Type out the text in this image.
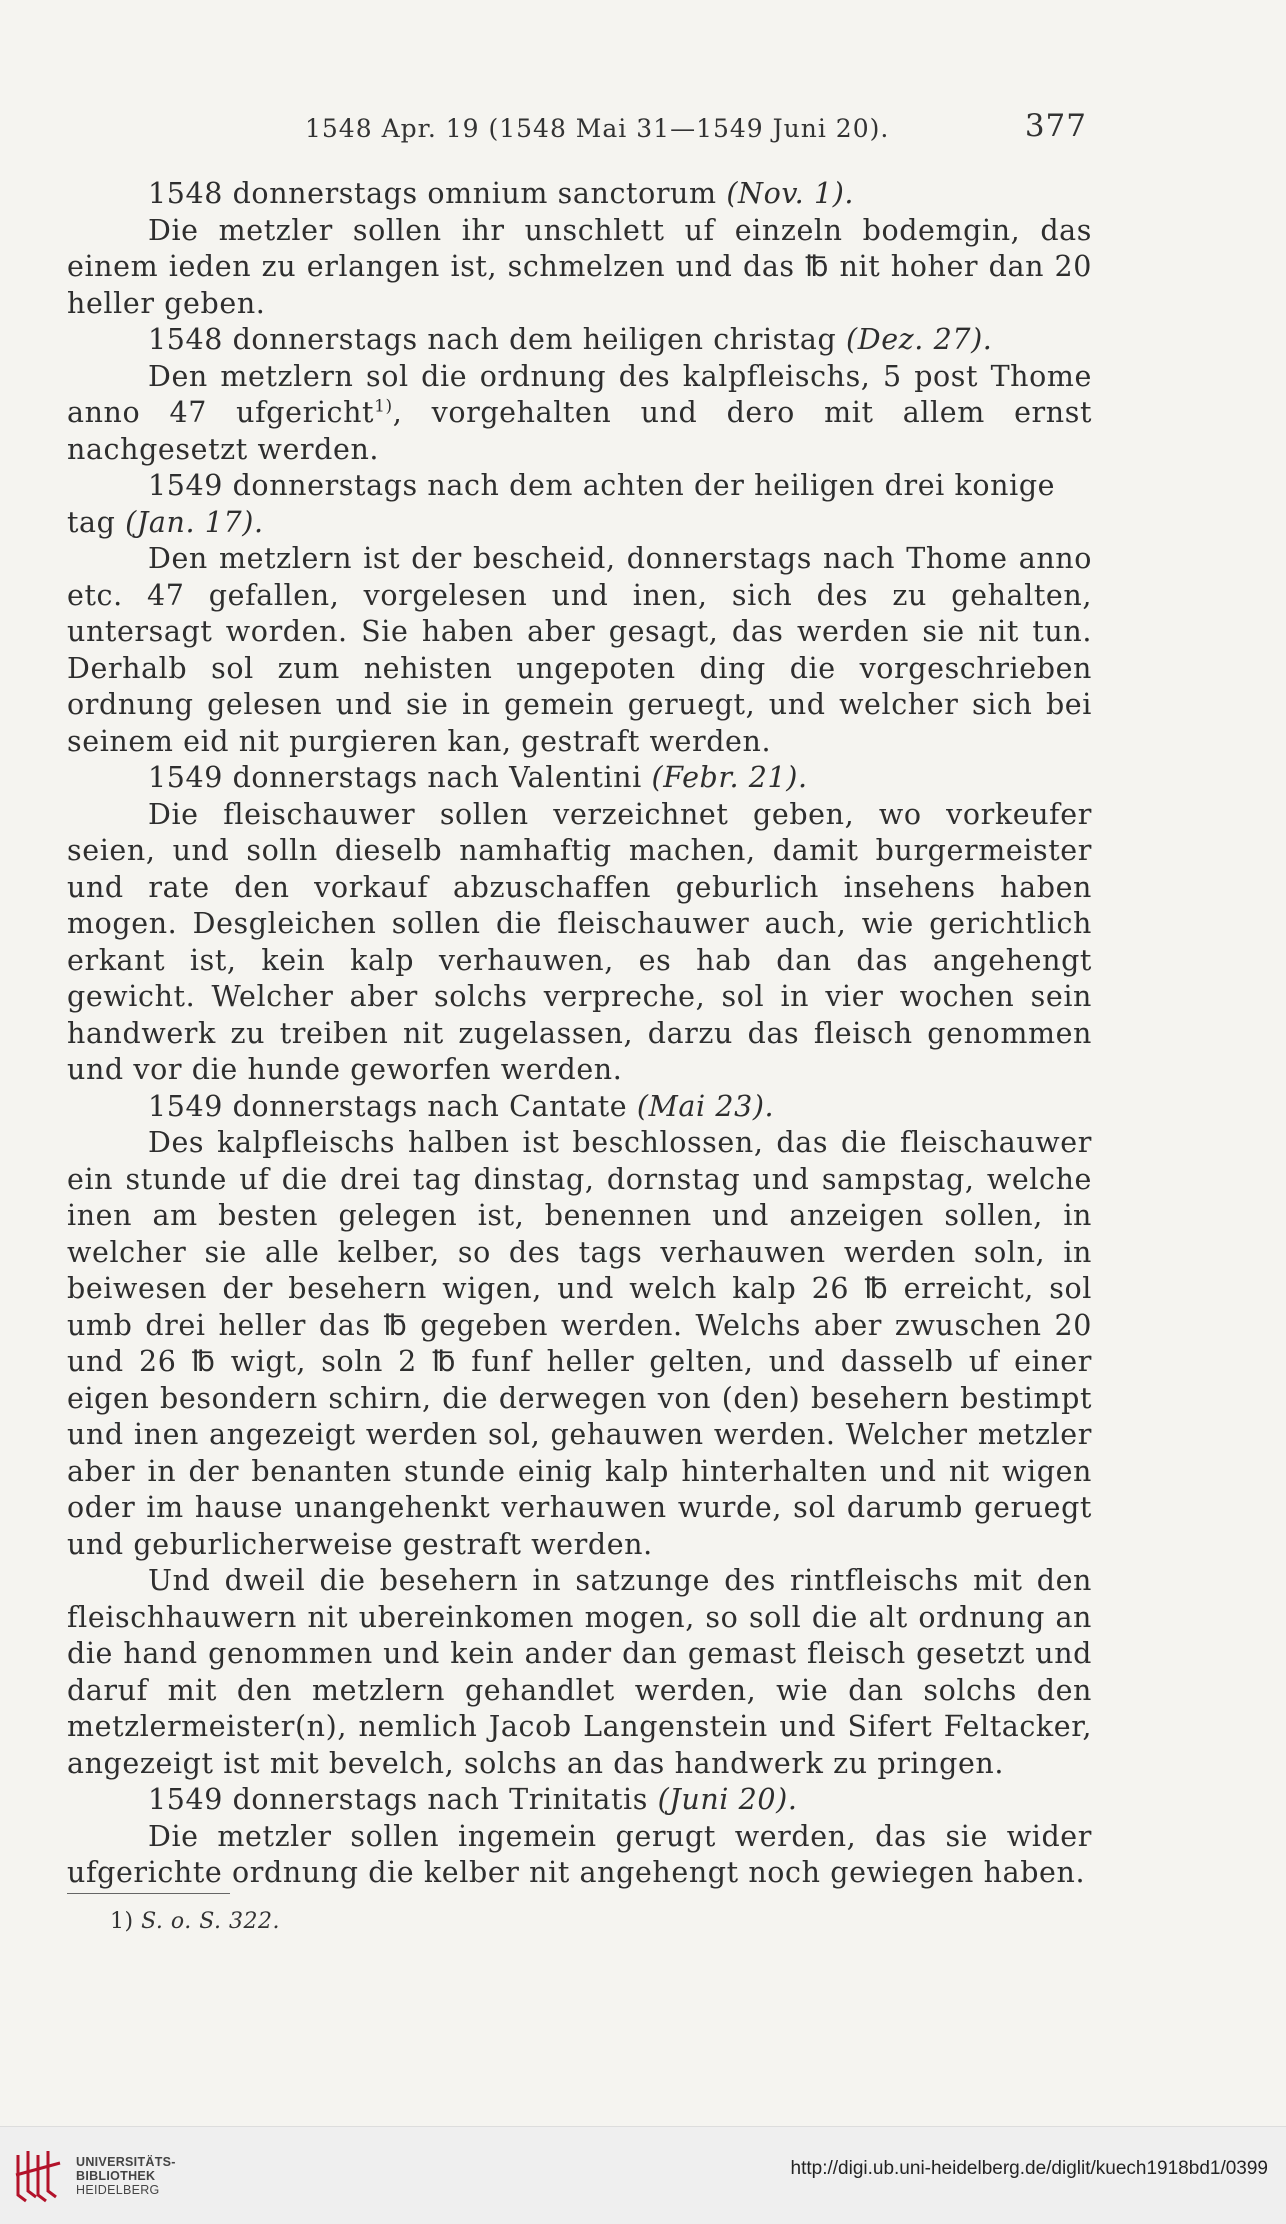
1548 Apr. 19 (1548 Mai 31—1549 Juni 20).	377

1548 donnerstags omnium sanctorum (Nov. 1).

Die metzler sollen ihr unschlett uf einzeln bodemgin, das einem ieden zu erlangen ist, schmelzen und das ℔ nit hoher dan 20 heller geben.

1548 donnerstags nach dem heiligen christag (Dez. 27).

Den metzlern sol die ordnung des kalpfleischs, 5 post Thome anno 47 ufgericht$^{1)}$, vorgehalten und dero mit allem ernst nachgesetzt werden.

1549 donnerstags nach dem achten der heiligen drei konige tag (Jan. 17).

Den metzlern ist der bescheid, donnerstags nach Thome anno etc. 47 gefallen, vorgelesen und inen, sich des zu gehalten, untersagt worden. Sie haben aber gesagt, das werden sie nit tun. Derhalb sol zum nehisten ungepoten ding die vorgeschrieben ordnung gelesen und sie in gemein geruegt, und welcher sich bei seinem eid nit purgieren kan, gestraft werden.

1549 donnerstags nach Valentini (Febr. 21).

Die fleischauwer sollen verzeichnet geben, wo vorkeufer seien, und solln dieselb namhaftig machen, damit burgermeister und rate den vorkauf abzuschaffen geburlich insehens haben mogen. Desgleichen sollen die fleischauwer auch, wie gerichtlich erkant ist, kein kalp verhauwen, es hab dan das angehengt gewicht. Welcher aber solchs verpreche, sol in vier wochen sein handwerk zu treiben nit zugelassen, darzu das fleisch genommen und vor die hunde geworfen werden.

1549 donnerstags nach Cantate (Mai 23).

Des kalpfleischs halben ist beschlossen, das die fleischauwer ein stunde uf die drei tag dinstag, dornstag und sampstag, welche inen am besten gelegen ist, benennen und anzeigen sollen, in welcher sie alle kelber, so des tags verhauwen werden soln, in beiwesen der besehern wigen, und welch kalp 26 ℔ erreicht, sol umb drei heller das ℔ gegeben werden. Welchs aber zwuschen 20 und 26 ℔ wigt, soln 2 ℔ funf heller gelten, und dasselb uf einer eigen besondern schirn, die derwegen von (den) besehern bestimpt und inen angezeigt werden sol, gehauwen werden. Welcher metzler aber in der benanten stunde einig kalp hinterhalten und nit wigen oder im hause unangehenkt verhauwen wurde, sol darumb geruegt und geburlicherweise gestraft werden.

Und dweil die besehern in satzunge des rintfleischs mit den fleischhauwern nit ubereinkomen mogen, so soll die alt ordnung an die hand genommen und kein ander dan gemast fleisch gesetzt und daruf mit den metzlern gehandlet werden, wie dan solchs den metzlermeister(n), nemlich Jacob Langenstein und Sifert Feltacker, angezeigt ist mit bevelch, solchs an das handwerk zu pringen.

1549 donnerstags nach Trinitatis (Juni 20).

Die metzler sollen ingemein gerugt werden, das sie wider ufgerichte ordnung die kelber nit angehengt noch gewiegen haben.

1) S. o. S. 322.
UNIVERSITÄTS-
BIBLIOTHEK
HEIDELBERG
http://digi.ub.uni-heidelberg.de/diglit/kuech1918bd1/0399
